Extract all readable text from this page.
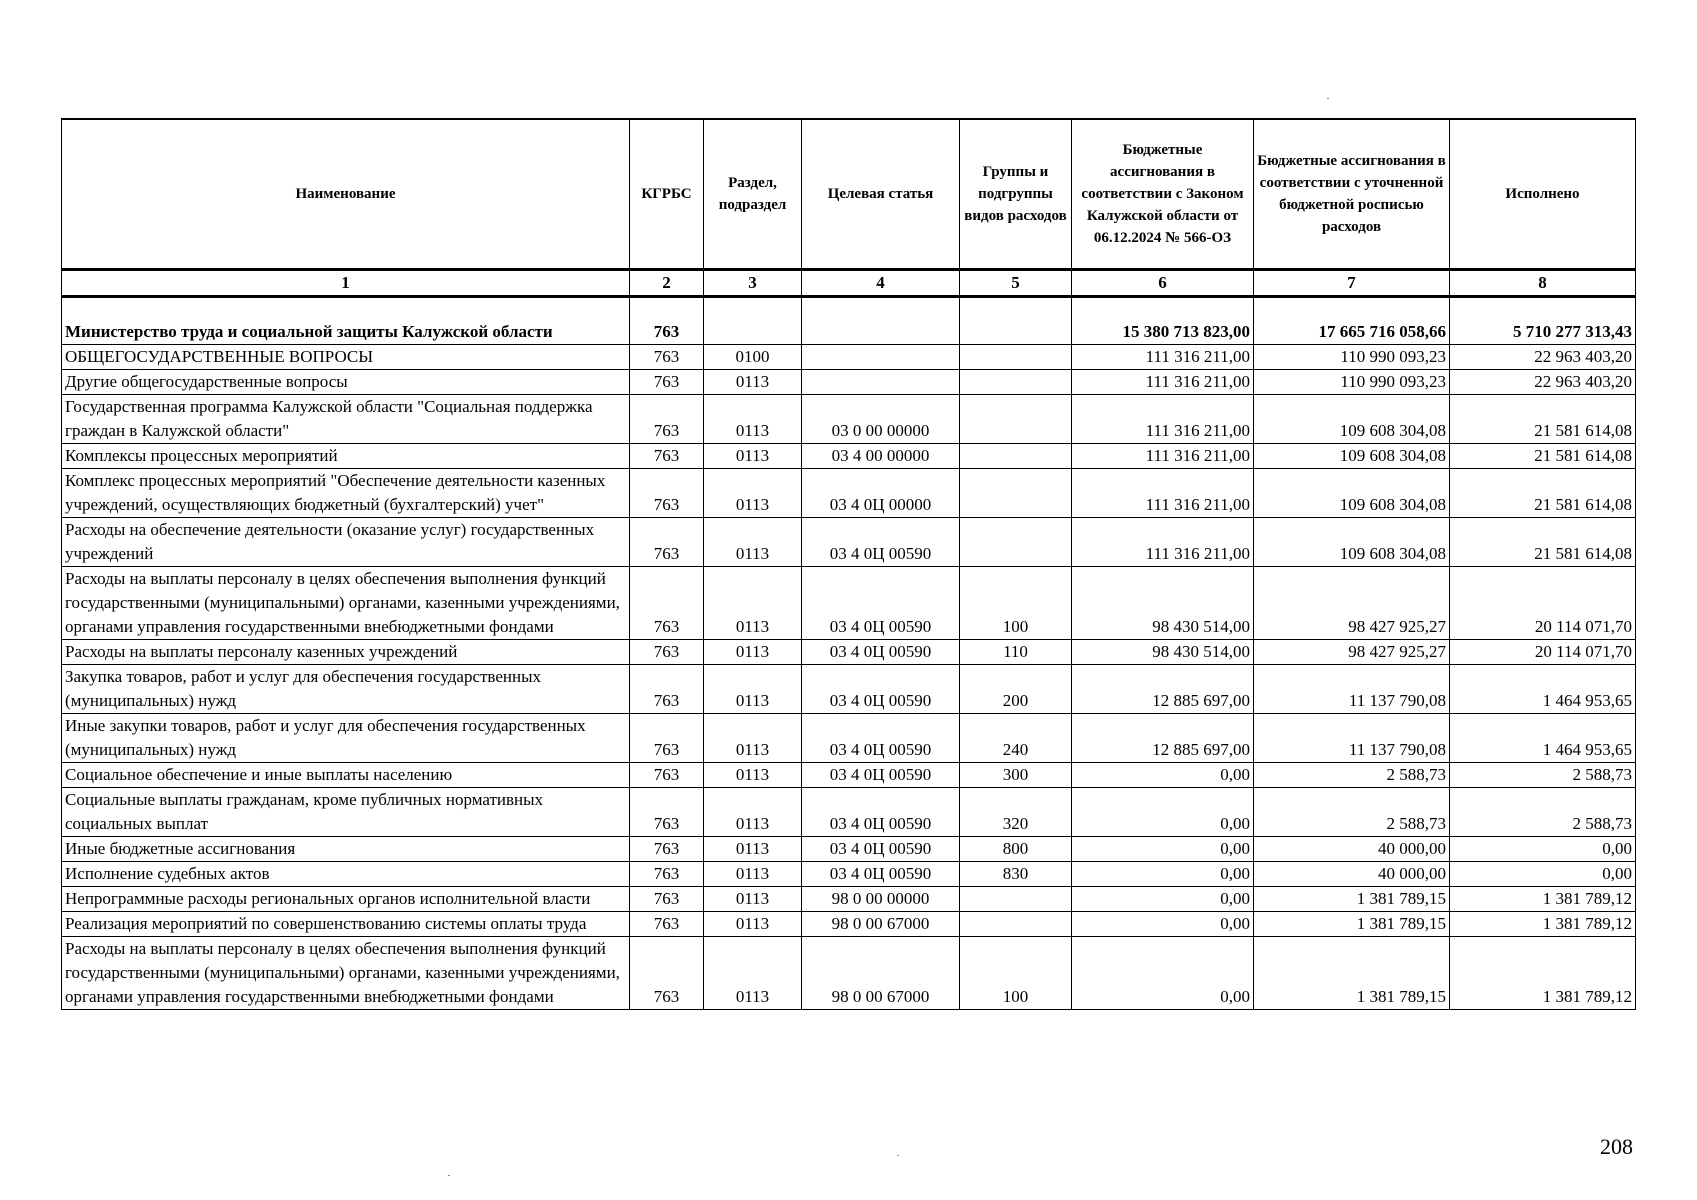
Наименование	КГРБС	Раздел, подраздел	Целевая статья	Группы и подгруппы видов расходов	Бюджетные ассигнования в соответствии с Законом Калужской области от 06.12.2024 № 566-ОЗ	Бюджетные ассигнования в соответствии с уточненной бюджетной росписью расходов	Исполнено
1	2	3	4	5	6	7	8
Министерство труда и социальной защиты Калужской области	763				15 380 713 823,00	17 665 716 058,66	5 710 277 313,43
ОБЩЕГОСУДАРСТВЕННЫЕ ВОПРОСЫ	763	0100			111 316 211,00	110 990 093,23	22 963 403,20
Другие общегосударственные вопросы	763	0113			111 316 211,00	110 990 093,23	22 963 403,20
Государственная программа Калужской области "Социальная поддержка граждан в Калужской области"	763	0113	03 0 00 00000		111 316 211,00	109 608 304,08	21 581 614,08
Комплексы процессных мероприятий	763	0113	03 4 00 00000		111 316 211,00	109 608 304,08	21 581 614,08
Комплекс процессных мероприятий "Обеспечение деятельности казенных учреждений, осуществляющих бюджетный (бухгалтерский) учет"	763	0113	03 4 0Ц 00000		111 316 211,00	109 608 304,08	21 581 614,08
Расходы на обеспечение деятельности (оказание услуг) государственных учреждений	763	0113	03 4 0Ц 00590		111 316 211,00	109 608 304,08	21 581 614,08
Расходы на выплаты персоналу в целях обеспечения выполнения функций государственными (муниципальными) органами, казенными учреждениями, органами управления государственными внебюджетными фондами	763	0113	03 4 0Ц 00590	100	98 430 514,00	98 427 925,27	20 114 071,70
Расходы на выплаты персоналу казенных учреждений	763	0113	03 4 0Ц 00590	110	98 430 514,00	98 427 925,27	20 114 071,70
Закупка товаров, работ и услуг для обеспечения государственных (муниципальных) нужд	763	0113	03 4 0Ц 00590	200	12 885 697,00	11 137 790,08	1 464 953,65
Иные закупки товаров, работ и услуг для обеспечения государственных (муниципальных) нужд	763	0113	03 4 0Ц 00590	240	12 885 697,00	11 137 790,08	1 464 953,65
Социальное обеспечение и иные выплаты населению	763	0113	03 4 0Ц 00590	300	0,00	2 588,73	2 588,73
Социальные выплаты гражданам, кроме публичных нормативных социальных выплат	763	0113	03 4 0Ц 00590	320	0,00	2 588,73	2 588,73
Иные бюджетные ассигнования	763	0113	03 4 0Ц 00590	800	0,00	40 000,00	0,00
Исполнение судебных актов	763	0113	03 4 0Ц 00590	830	0,00	40 000,00	0,00
Непрограммные расходы региональных органов исполнительной власти	763	0113	98 0 00 00000		0,00	1 381 789,15	1 381 789,12
Реализация мероприятий по совершенствованию системы оплаты труда	763	0113	98 0 00 67000		0,00	1 381 789,15	1 381 789,12
Расходы на выплаты персоналу в целях обеспечения выполнения функций государственными (муниципальными) органами, казенными учреждениями, органами управления государственными внебюджетными фондами	763	0113	98 0 00 67000	100	0,00	1 381 789,15	1 381 789,12
208
